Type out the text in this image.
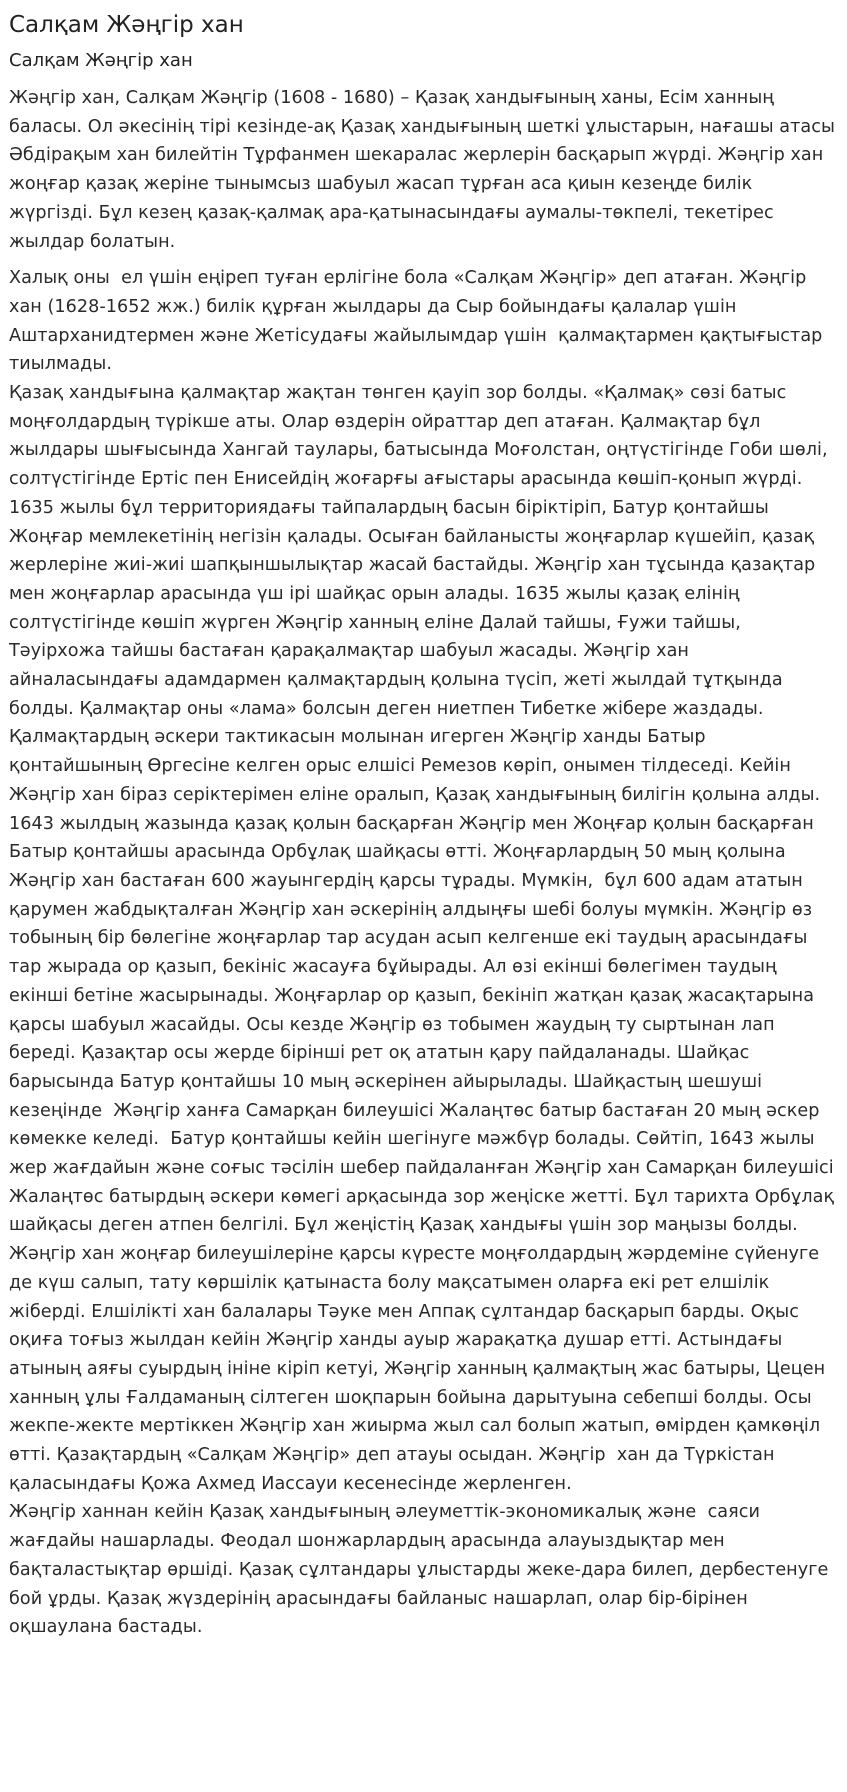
Салқам Жәңгір хан
Салқам Жәңгір хан

Жәңгір хан, Салқам Жәңгір (1608 - 1680) – Қазақ хандығының ханы, Есім ханның баласы. Ол әкесінің тірі кезінде-ақ Қазақ хандығының шеткі ұлыстарын, нағашы атасы Әбдірақым хан билейтін Тұрфанмен шекаралас жерлерін басқарып жүрді. Жәңгір хан жоңғар қазақ жеріне тынымсыз шабуыл жасап тұрған аса қиын кезеңде билік жүргізді. Бұл кезең қазақ-қалмақ ара-қатынасындағы аумалы-төкпелі, текетірес жылдар болатын.

Халық оны  ел үшін еңіреп туған ерлігіне бола «Салқам Жәңгір» деп атаған. Жәңгір хан (1628-1652 жж.) билік құрған жылдары да Сыр бойындағы қалалар үшін Аштарханидтермен және Жетісудағы жайылымдар үшін  қалмақтармен қақтығыстар тиылмады.
Қазақ хандығына қалмақтар жақтан төнген қауіп зор болды. «Қалмақ» сөзі батыс моңғолдардың түрікше аты. Олар өздерін ойраттар деп атаған. Қалмақтар бұл жылдары шығысында Хангай таулары, батысында Моғолстан, оңтүстігінде Гоби шөлі, солтүстігінде Ертіс пен Енисейдің жоғарғы ағыстары арасында көшіп-қонып жүрді. 1635 жылы бұл территориядағы тайпалардың басын біріктіріп, Батур қонтайшы Жоңғар мемлекетінің негізін қалады. Осыған байланысты жоңғарлар күшейіп, қазақ жерлеріне жиі-жиі шапқыншылықтар жасай бастайды. Жәңгір хан тұсында қазақтар мен жоңғарлар арасында үш ірі шайқас орын алады. 1635 жылы қазақ елінің солтүстігінде көшіп жүрген Жәңгір ханның еліне Далай тайшы, Ғужи тайшы, Тәуірхожа тайшы бастаған қарақалмақтар шабуыл жасады. Жәңгір хан айналасындағы адамдармен қалмақтардың қолына түсіп, жеті жылдай тұтқында болды. Қалмақтар оны «лама» болсын деген ниетпен Тибетке жібере жаздады. Қалмақтардың әскери тактикасын молынан игерген Жәңгір ханды Батыр қонтайшының Өргесіне келген орыс елшісі Ремезов көріп, онымен тілдеседі. Кейін Жәңгір хан біраз серіктерімен еліне оралып, Қазақ хандығының билігін қолына алды. 1643 жылдың жазында қазақ қолын басқарған Жәңгір мен Жоңғар қолын басқарған Батыр қонтайшы арасында Орбұлақ шайқасы өтті. Жоңғарлардың 50 мың қолына Жәңгір хан бастаған 600 жауынгердің қарсы тұрады. Мүмкін,  бұл 600 адам ататын қарумен жабдықталған Жәңгір хан әскерінің алдыңғы шебі болуы мүмкін. Жәңгір өз тобының бір бөлегіне жоңғарлар тар асудан асып келгенше екі таудың арасындағы тар жырада ор қазып, бекініс жасауға бұйырады. Ал өзі екінші бөлегімен таудың екінші бетіне жасырынады. Жоңғарлар ор қазып, бекініп жатқан қазақ жасақтарына қарсы шабуыл жасайды. Осы кезде Жәңгір өз тобымен жаудың ту сыртынан лап береді. Қазақтар осы жерде бірінші рет оқ ататын қару пайдаланады. Шайқас барысында Батур қонтайшы 10 мың әскерінен айырылады. Шайқастың шешуші кезеңінде  Жәңгір ханға Самарқан билеушісі Жалаңтөс батыр бастаған 20 мың әскер көмекке келеді.  Батур қонтайшы кейін шегінуге мәжбүр болады. Сөйтіп, 1643 жылы жер жағдайын және соғыс тәсілін шебер пайдаланған Жәңгір хан Самарқан билеушісі Жалаңтөс батырдың әскери көмегі арқасында зор жеңіске жетті. Бұл тарихта Орбұлақ шайқасы деген атпен белгілі. Бұл жеңістің Қазақ хандығы үшін зор маңызы болды.
Жәңгір хан жоңғар билеушілеріне қарсы күресте моңғолдардың жәрдеміне сүйенуге де күш салып, тату көршілік қатынаста болу мақсатымен оларға екі рет елшілік жіберді. Елшілікті хан балалары Тәуке мен Аппақ сұлтандар басқарып барды. Оқыс оқиға тоғыз жылдан кейін Жәңгір ханды ауыр жарақатқа душар етті. Астындағы атының аяғы суырдың ініне кіріп кетуі, Жәңгір ханның қалмақтың жас батыры, Цецен ханның ұлы Ғалдаманың сілтеген шоқпарын бойына дарытуына себепші болды. Осы жекпе-жекте мертіккен Жәңгір хан жиырма жыл сал болып жатып, өмірден қамкөңіл өтті. Қазақтардың «Салқам Жәңгір» деп атауы осыдан. Жәңгір  хан да Түркістан қаласындағы Қожа Ахмед Иассауи кесенесінде жерленген.
Жәңгір ханнан кейін Қазақ хандығының әлеуметтік-экономикалық және  саяси жағдайы нашарлады. Феодал шонжарлардың арасында алауыздықтар мен бақталастықтар өршіді. Қазақ сұлтандары ұлыстарды жеке-дара билеп, дербестенуге бой ұрды. Қазақ жүздерінің арасындағы байланыс нашарлап, олар бір-бірінен оқшаулана бастады.
